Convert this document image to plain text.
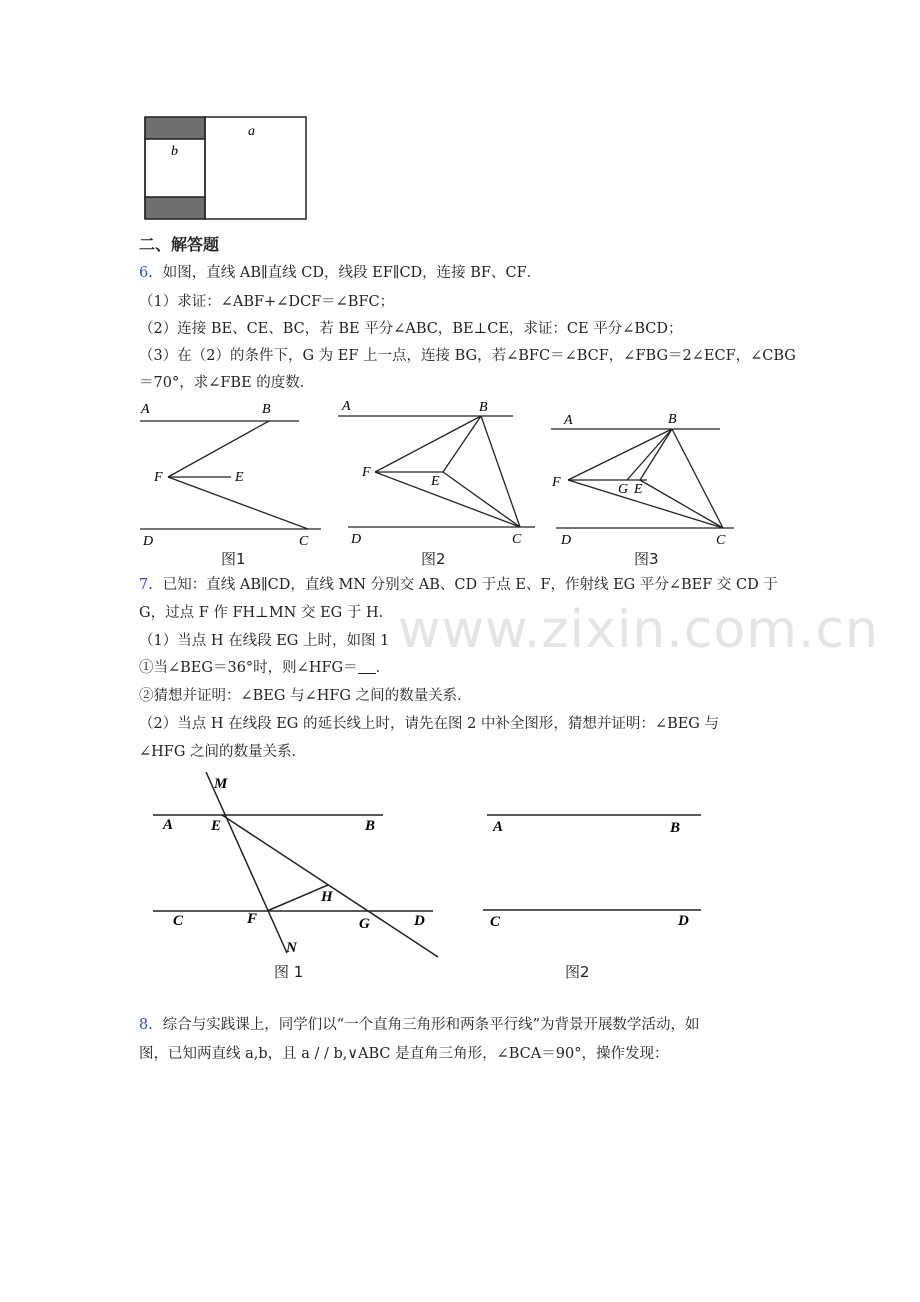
a
b
二、解答题
6．如图，直线 AB∥直线 CD，线段 EF∥CD，连接 BF、CF．
（1）求证：∠ABF+∠DCF＝∠BFC；
（2）连接 BE、CE、BC，若 BE 平分∠ABC，BE⊥CE，求证：CE 平分∠BCD；
（3）在（2）的条件下，G 为 EF 上一点，连接 BG，若∠BFC＝∠BCF，∠FBG＝2∠ECF，∠CBG
＝70°，求∠FBE 的度数．
A	B
F	E
D	C
图1
A	B
F
E
D	C
图2
A	B
F	G E
D	C
图3
www.zixin.com.cn
7．已知：直线 AB∥CD，直线 MN 分别交 AB、CD 于点 E、F，作射线 EG 平分∠BEF 交 CD 于
G，过点 F 作 FH⊥MN 交 EG 于 H．
（1）当点 H 在线段 EG 上时，如图 1
①当∠BEG＝36°时，则∠HFG＝ ．
②猜想并证明：∠BEG 与∠HFG 之间的数量关系．
（2）当点 H 在线段 EG 的延长线上时，请先在图 2 中补全图形，猜想并证明：∠BEG 与
∠HFG 之间的数量关系．
M
A	E	B
H
C	F	G	D
N
图 1
A	B
C	D
图2
8．综合与实践课上，同学们以“一个直角三角形和两条平行线”为背景开展数学活动，如
图，已知两直线 a,b，且 a / / b,∨ABC 是直角三角形，∠BCA＝90°，操作发现：
